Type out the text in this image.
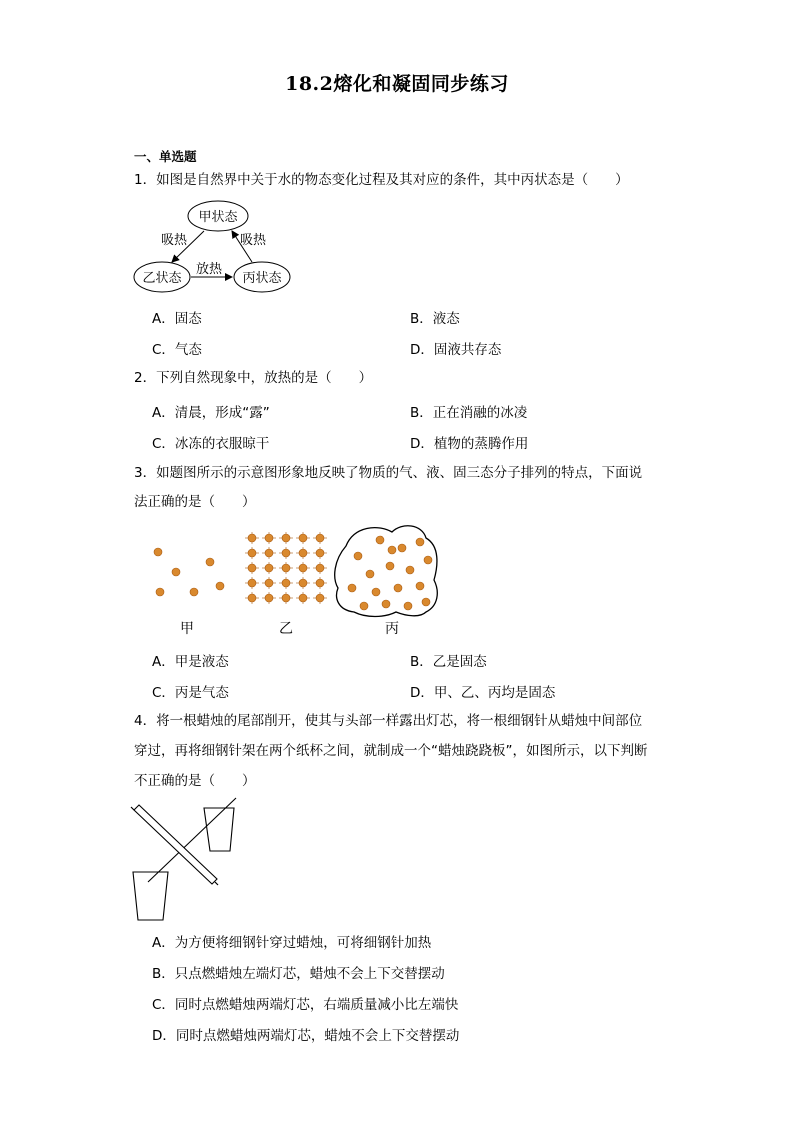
18.2熔化和凝固同步练习
一、单选题
1．如图是自然界中关于水的物态变化过程及其对应的条件，其中丙状态是（　　）
甲状态
乙状态	丙状态
吸热	吸热
放热
A．固态	B．液态
C．气态	D．固液共存态
2．下列自然现象中，放热的是（　　）
A．清晨，形成“露”	B．正在消融的冰凌
C．冰冻的衣服晾干	D．植物的蒸腾作用
3．如题图所示的示意图形象地反映了物质的气、液、固三态分子排列的特点，下面说
法正确的是（　　）
甲	乙	丙
A．甲是液态	B．乙是固态
C．丙是气态	D．甲、乙、丙均是固态
4．将一根蜡烛的尾部削开，使其与头部一样露出灯芯，将一根细钢针从蜡烛中间部位
穿过，再将细钢针架在两个纸杯之间，就制成一个“蜡烛跷跷板”，如图所示，以下判断
不正确的是（　　）
A．为方便将细钢针穿过蜡烛，可将细钢针加热
B．只点燃蜡烛左端灯芯，蜡烛不会上下交替摆动
C．同时点燃蜡烛两端灯芯，右端质量减小比左端快
D．同时点燃蜡烛两端灯芯，蜡烛不会上下交替摆动
